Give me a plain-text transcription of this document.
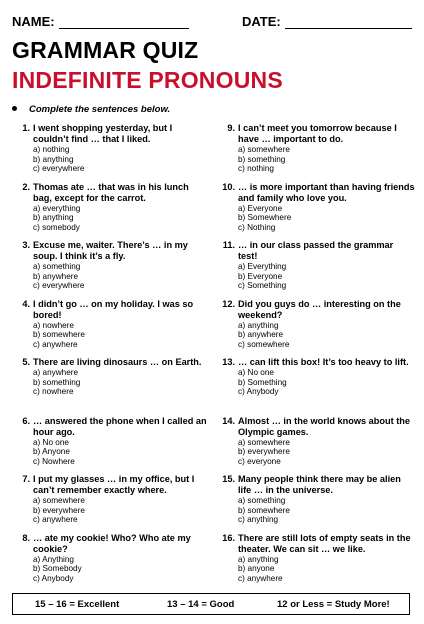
NAME:	DATE:
GRAMMAR QUIZ
INDEFINITE PRONOUNS
Complete the sentences below.
1. I went shopping yesterday, but I couldn’t find … that I liked.
a) nothing
b) anything
c) everywhere
2. Thomas ate … that was in his lunch bag, except for the carrot.
a) everything
b) anything
c) somebody
3. Excuse me, waiter. There’s … in my soup. I think it’s a fly.
a) something
b) anywhere
c) everywhere
4. I didn’t go … on my holiday. I was so bored!
a) nowhere
b) somewhere
c) anywhere
5. There are living dinosaurs … on Earth.
a) anywhere
b) something
c) nowhere
6. … answered the phone when I called an hour ago.
a) No one
b) Anyone
c) Nowhere
7. I put my glasses … in my office, but I can’t remember exactly where.
a) somewhere
b) everywhere
c) anywhere
8. … ate my cookie! Who? Who ate my cookie?
a) Anything
b) Somebody
c) Anybody
9. I can’t meet you tomorrow because I have … important to do.
a) somewhere
b) something
c) nothing
10. … is more important than having friends and family who love you.
a) Everyone
b) Somewhere
c) Nothing
11. … in our class passed the grammar test!
a) Everything
b) Everyone
c) Something
12. Did you guys do … interesting on the weekend?
a) anything
b) anywhere
c) somewhere
13. … can lift this box! It’s too heavy to lift.
a) No one
b) Something
c) Anybody
14. Almost … in the world knows about the Olympic games.
a) somewhere
b) everywhere
c) everyone
15. Many people think there may be alien life … in the universe.
a) something
b) somewhere
c) anything
16. There are still lots of empty seats in the theater. We can sit … we like.
a) anything
b) anyone
c) anywhere
15 – 16 = Excellent	13 – 14 = Good	12 or Less = Study More!
